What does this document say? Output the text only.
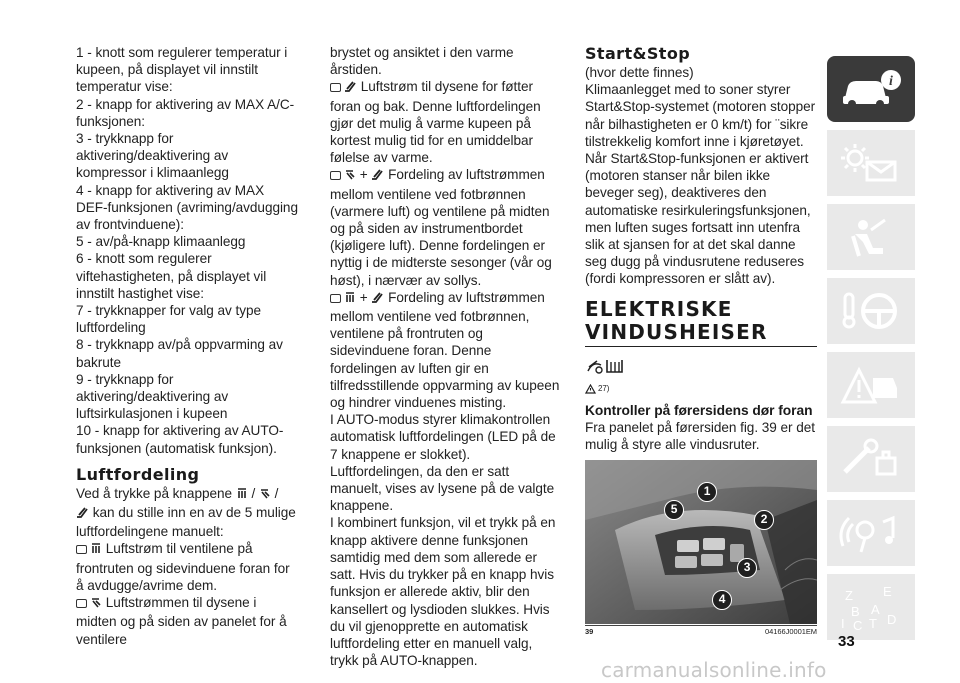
1 - knott som regulerer temperatur i kupeen, på displayet vil innstilt temperatur vise:
2 - knapp for aktivering av MAX A/C-funksjonen:
3 - trykknapp for aktivering/deaktivering av kompressor i klimaanlegg
4 - knapp for aktivering av MAX DEF-funksjonen (avriming/avdugging av frontvinduene):
5 - av/på-knapp klimaanlegg
6 - knott som regulerer viftehastigheten, på displayet vil innstilt hastighet vise:
7 - trykknapper for valg av type luftfordeling
8 - trykknapp av/på oppvarming av bakrute
9 - trykknapp for aktivering/deaktivering av luftsirkulasjonen i kupeen
10 - knapp for aktivering av AUTO-funksjonen (automatisk funksjon).
Luftfordeling
Ved å trykke på knappene / /
kan du stille inn en av de 5 mulige luftfordelingene manuelt:
Luftstrøm til ventilene på frontruten og sidevinduene foran for å avdugge/avrime dem.
Luftstrømmen til dysene i midten og på siden av panelet for å ventilere
brystet og ansiktet i den varme årstiden.
Luftstrøm til dysene for føtter foran og bak. Denne luftfordelingen gjør det mulig å varme kupeen på kortest mulig tid for en umiddelbar følelse av varme.
+ Fordeling av luftstrømmen mellom ventilene ved fotbrønnen (varmere luft) og ventilene på midten og på siden av instrumentbordet (kjøligere luft). Denne fordelingen er nyttig i de midterste sesonger (vår og høst), i nærvær av sollys.
+ Fordeling av luftstrømmen mellom ventilene ved fotbrønnen, ventilene på frontruten og sidevinduene foran. Denne fordelingen av luften gir en tilfredsstillende oppvarming av kupeen og hindrer vinduenes misting.
I AUTO-modus styrer klimakontrollen automatisk luftfordelingen (LED på de 7 knappene er slokket). Luftfordelingen, da den er satt manuelt, vises av lysene på de valgte knappene.
I kombinert funksjon, vil et trykk på en knapp aktivere denne funksjonen samtidig med dem som allerede er satt. Hvis du trykker på en knapp hvis funksjon er allerede aktiv, blir den kansellert og lysdioden slukkes. Hvis du vil gjenopprette en automatisk luftfordeling etter en manuell valg, trykk på AUTO-knappen.
Start&Stop
(hvor dette finnes)
Klimaanlegget med to soner styrer Start&Stop-systemet (motoren stopper når bilhastigheten er 0 km/t) for ¨sikre tilstrekkelig komfort inne i kjøretøyet.
Når Start&Stop-funksjonen er aktivert (motoren stanser når bilen ikke beveger seg), deaktiveres den automatiske resirkuleringsfunksjonen, men luften suges fortsatt inn utenfra slik at sjansen for at det skal danne seg dugg på vindusrutene reduseres (fordi kompressoren er slått av).
ELEKTRISKE VINDUSHEISER

27)
Kontroller på førersidens dør foran
Fra panelet på førersiden fig. 39 er det mulig å styre alle vindusruter.
1
2
3
4
5
39	04166J0001EM
i
Z E
B A
I C T D
33
carmanualsonline.info
